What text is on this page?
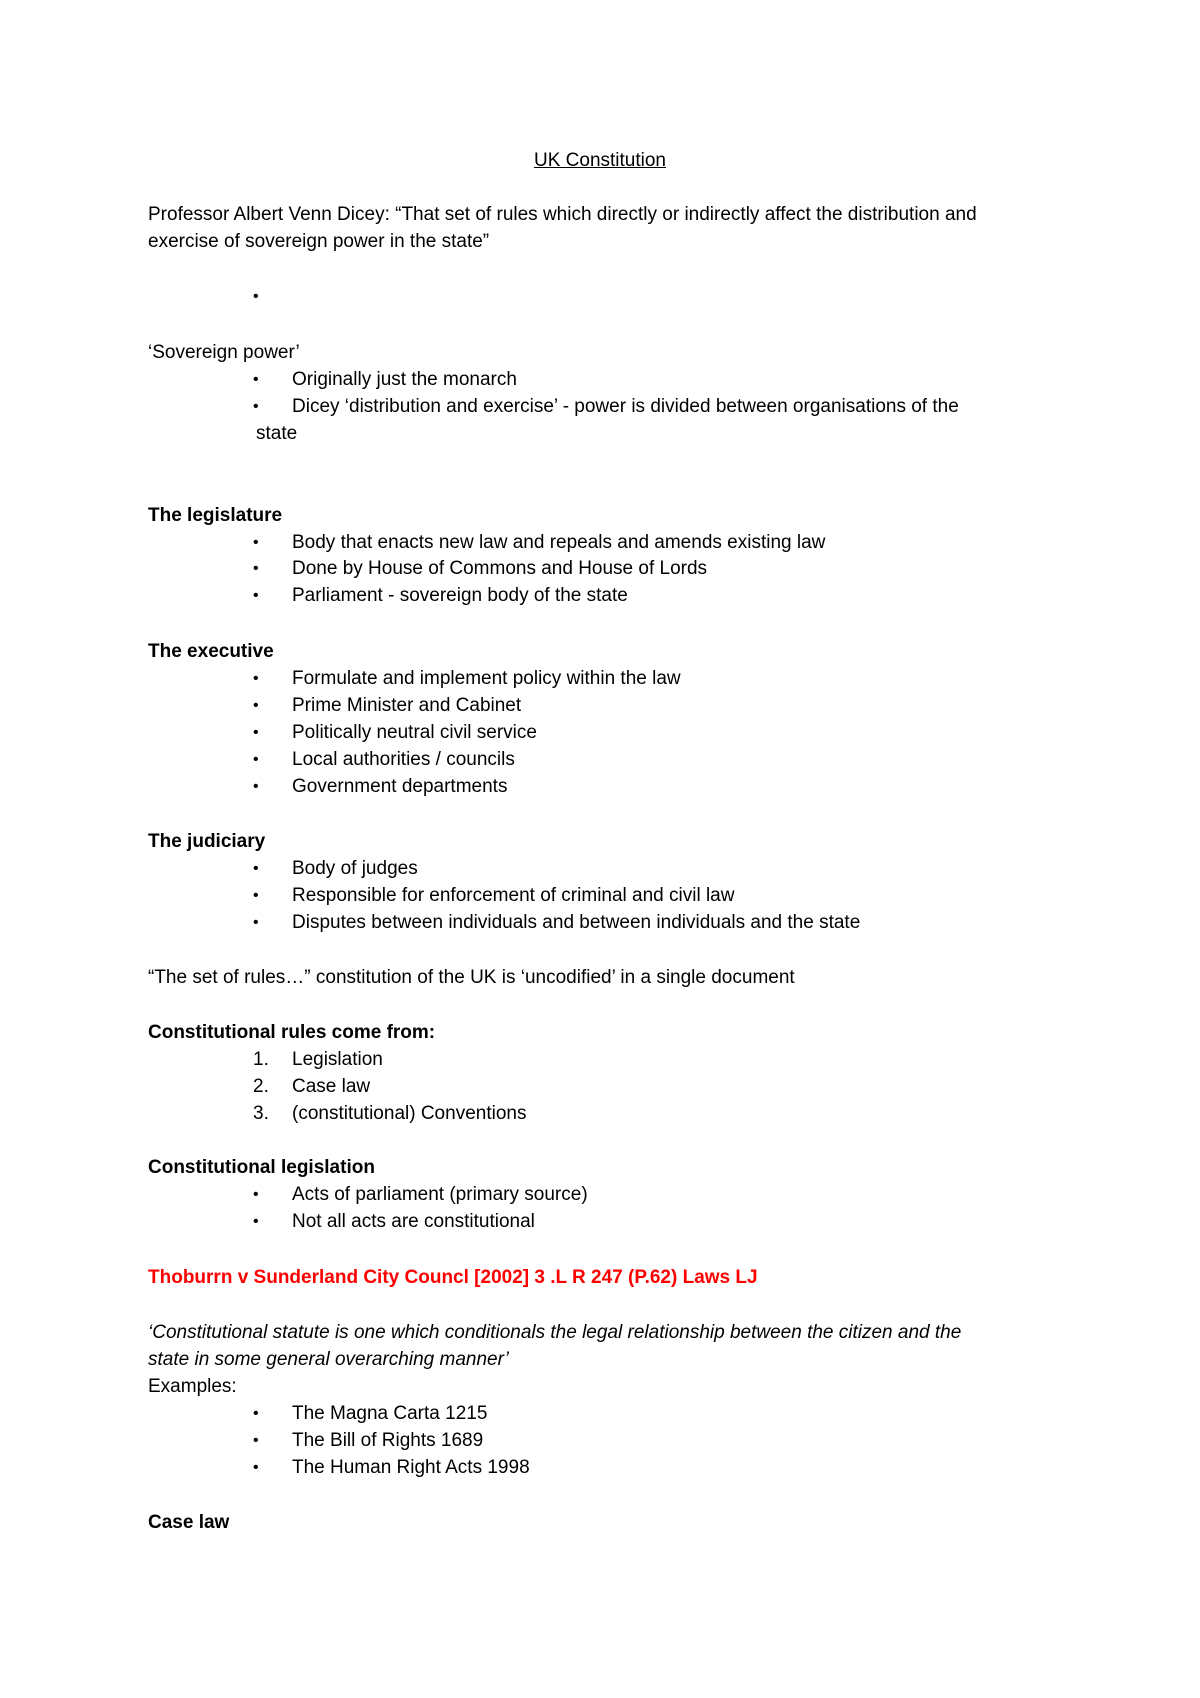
UK Constitution
Professor Albert Venn Dicey: “That set of rules which directly or indirectly affect the distribution and
exercise of sovereign power in the state”
•
‘Sovereign power’
• Originally just the monarch
• Dicey ‘distribution and exercise’ - power is divided between organisations of the
state
The legislature
• Body that enacts new law and repeals and amends existing law
• Done by House of Commons and House of Lords
• Parliament - sovereign body of the state
The executive
• Formulate and implement policy within the law
• Prime Minister and Cabinet
• Politically neutral civil service
• Local authorities / councils
• Government departments
The judiciary
• Body of judges
• Responsible for enforcement of criminal and civil law
• Disputes between individuals and between individuals and the state
“The set of rules…” constitution of the UK is ‘uncodified’ in a single document
Constitutional rules come from:
1. Legislation
2. Case law
3. (constitutional) Conventions
Constitutional legislation
• Acts of parliament (primary source)
• Not all acts are constitutional
Thoburrn v Sunderland City Councl [2002] 3 .L R 247 (P.62) Laws LJ
‘Constitutional statute is one which conditionals the legal relationship between the citizen and the
state in some general overarching manner’
Examples:
• The Magna Carta 1215
• The Bill of Rights 1689
• The Human Right Acts 1998
Case law
